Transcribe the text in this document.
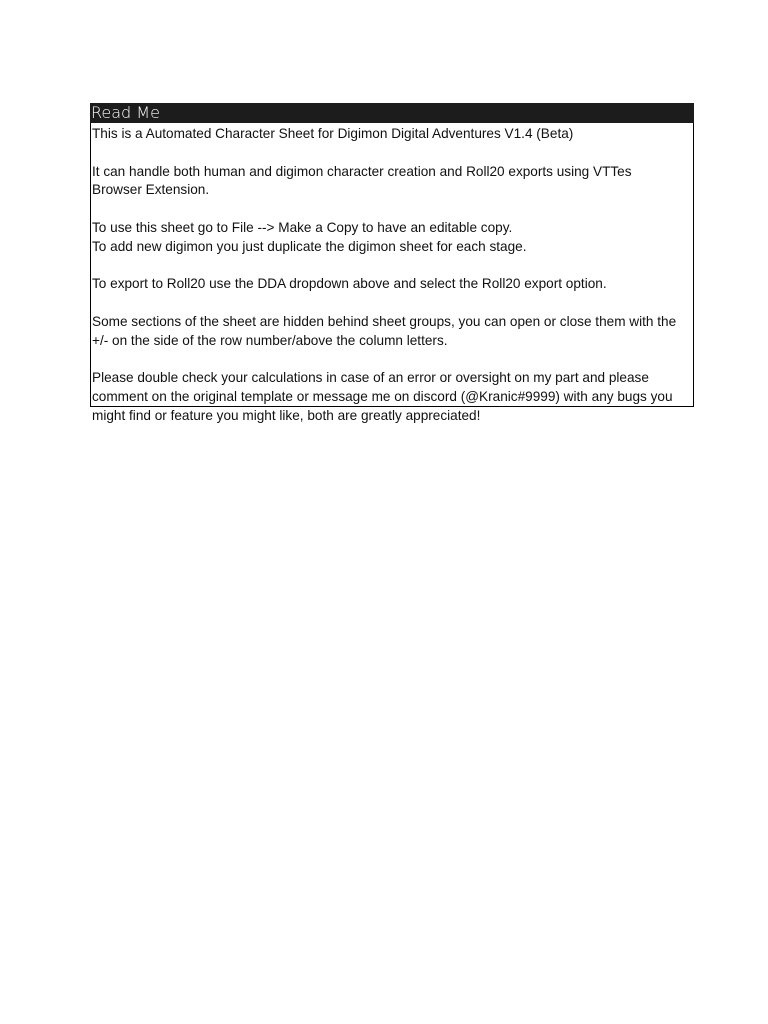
Read Me

This is a Automated Character Sheet for Digimon Digital Adventures V1.4 (Beta)

It can handle both human and digimon character creation and Roll20 exports using VTTes
Browser Extension.

To use this sheet go to File --> Make a Copy to have an editable copy.
To add new digimon you just duplicate the digimon sheet for each stage.

To export to Roll20 use the DDA dropdown above and select the Roll20 export option.

Some sections of the sheet are hidden behind sheet groups, you can open or close them with the
+/- on the side of the row number/above the column letters.

Please double check your calculations in case of an error or oversight on my part and please
comment on the original template or message me on discord (@Kranic#9999) with any bugs you
might find or feature you might like, both are greatly appreciated!
